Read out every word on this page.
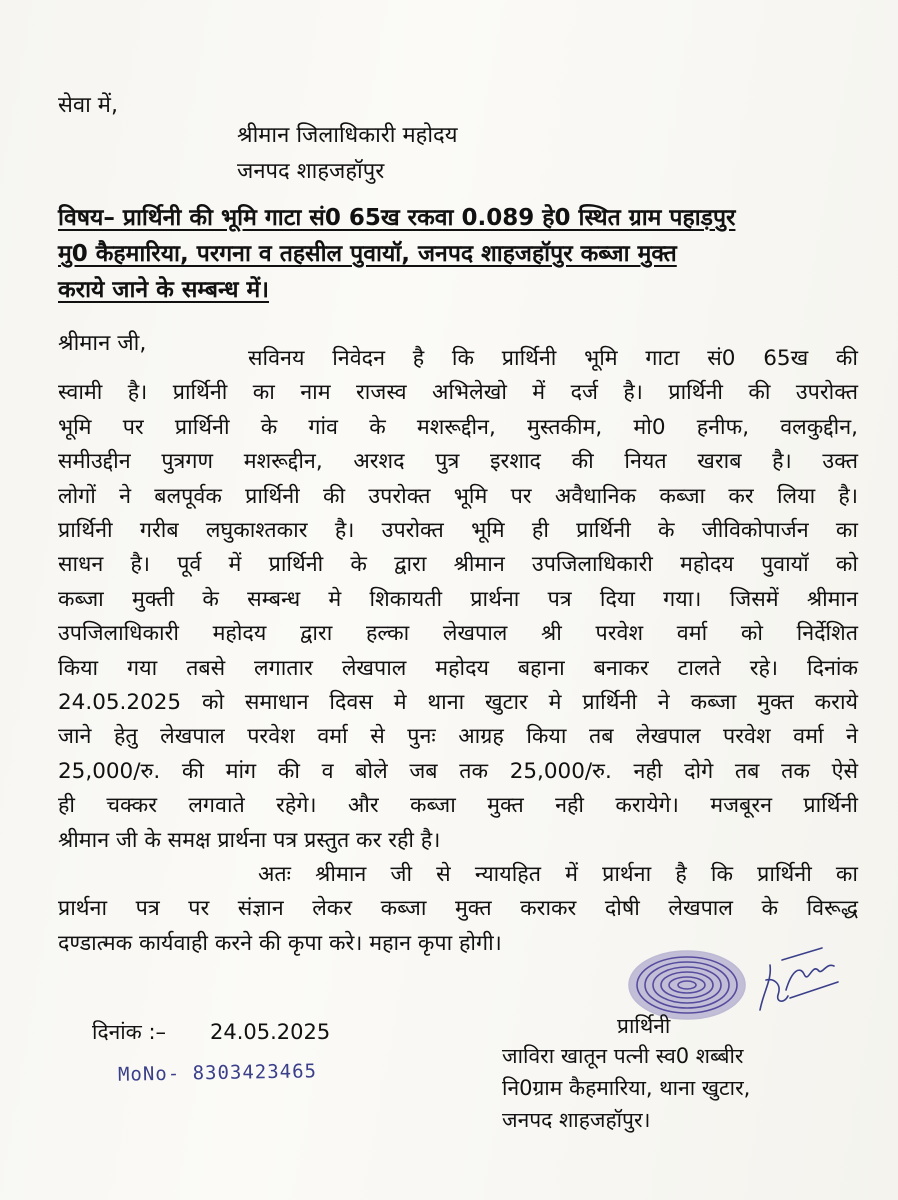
सेवा में,
श्रीमान जिलाधिकारी महोदय
जनपद शाहजहॉपुर
विषय– प्रार्थिनी की भूमि गाटा सं0 65ख रकवा 0.089 हे0 स्थित ग्राम पहाड़पुर
मु0 कैहमारिया, परगना व तहसील पुवायॉ, जनपद शाहजहॉपुर कब्जा मुक्त
कराये जाने के सम्बन्ध में।
श्रीमान जी,
सविनय निवेदन है कि प्रार्थिनी भूमि गाटा सं0 65ख की
स्वामी है। प्रार्थिनी का नाम राजस्व अभिलेखो में दर्ज है। प्रार्थिनी की उपरोक्त
भूमि पर प्रार्थिनी के गांव के मशरूद्दीन, मुस्तकीम, मो0 हनीफ, वलकुद्दीन,
समीउद्दीन पुत्रगण मशरूद्दीन, अरशद पुत्र इरशाद की नियत खराब है। उक्त
लोगों ने बलपूर्वक प्रार्थिनी की उपरोक्त भूमि पर अवैधानिक कब्जा कर लिया है।
प्रार्थिनी गरीब लघुकाश्तकार है। उपरोक्त भूमि ही प्रार्थिनी के जीविकोपार्जन का
साधन है। पूर्व में प्रार्थिनी के द्वारा श्रीमान उपजिलाधिकारी महोदय पुवायॉ को
कब्जा मुक्ती के सम्बन्ध मे शिकायती प्रार्थना पत्र दिया गया। जिसमें श्रीमान
उपजिलाधिकारी महोदय द्वारा हल्का लेखपाल श्री परवेश वर्मा को निर्देशित
किया गया तबसे लगातार लेखपाल महोदय बहाना बनाकर टालते रहे। दिनांक
24.05.2025 को समाधान दिवस मे थाना खुटार मे प्रार्थिनी ने कब्जा मुक्त कराये
जाने हेतु लेखपाल परवेश वर्मा से पुनः आग्रह किया तब लेखपाल परवेश वर्मा ने
25,000/रु. की मांग की व बोले जब तक 25,000/रु. नही दोगे तब तक ऐसे
ही चक्कर लगवाते रहेगे। और कब्जा मुक्त नही करायेगे। मजबूरन प्रार्थिनी
श्रीमान जी के समक्ष प्रार्थना पत्र प्रस्तुत कर रही है।
अतः श्रीमान जी से न्यायहित में प्रार्थना है कि प्रार्थिनी का
प्रार्थना पत्र पर संज्ञान लेकर कब्जा मुक्त कराकर दोषी लेखपाल के विरूद्ध
दण्डात्मक कार्यवाही करने की कृपा करे। महान कृपा होगी।
प्रार्थिनी
दिनांक :– 24.05.2025
MoNo- 8303423465
जाविरा खातून पत्नी स्व0 शब्बीर
नि0ग्राम कैहमारिया, थाना खुटार,
जनपद शाहजहॉपुर।
